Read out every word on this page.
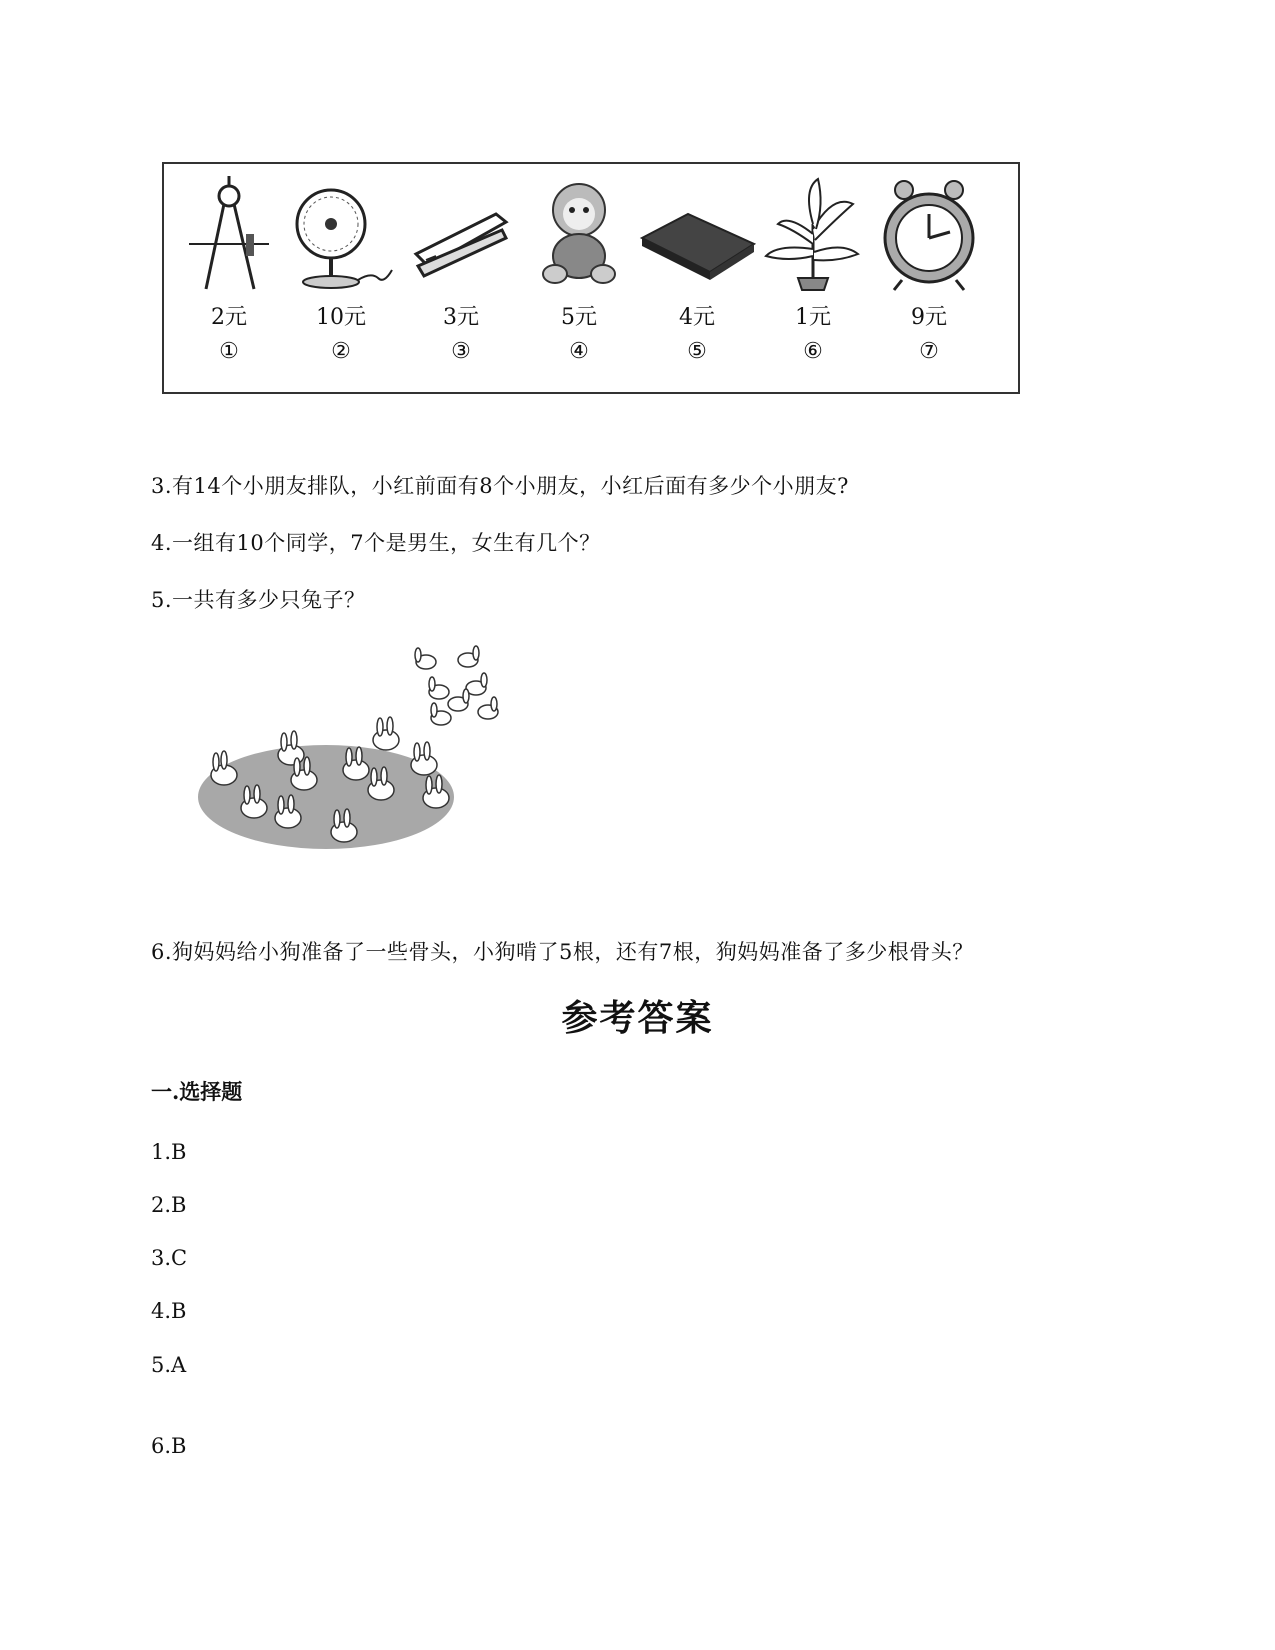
2元
①
10元
②
3元
③
5元
④
4元
⑤
1元
⑥
9元
⑦
3.有14个小朋友排队，小红前面有8个小朋友，小红后面有多少个小朋友?
4.一组有10个同学，7个是男生，女生有几个？
5.一共有多少只兔子？
6.狗妈妈给小狗准备了一些骨头，小狗啃了5根，还有7根，狗妈妈准备了多少根骨头？
参考答案
一.选择题
1.B
2.B
3.C
4.B
5.A
6.B
